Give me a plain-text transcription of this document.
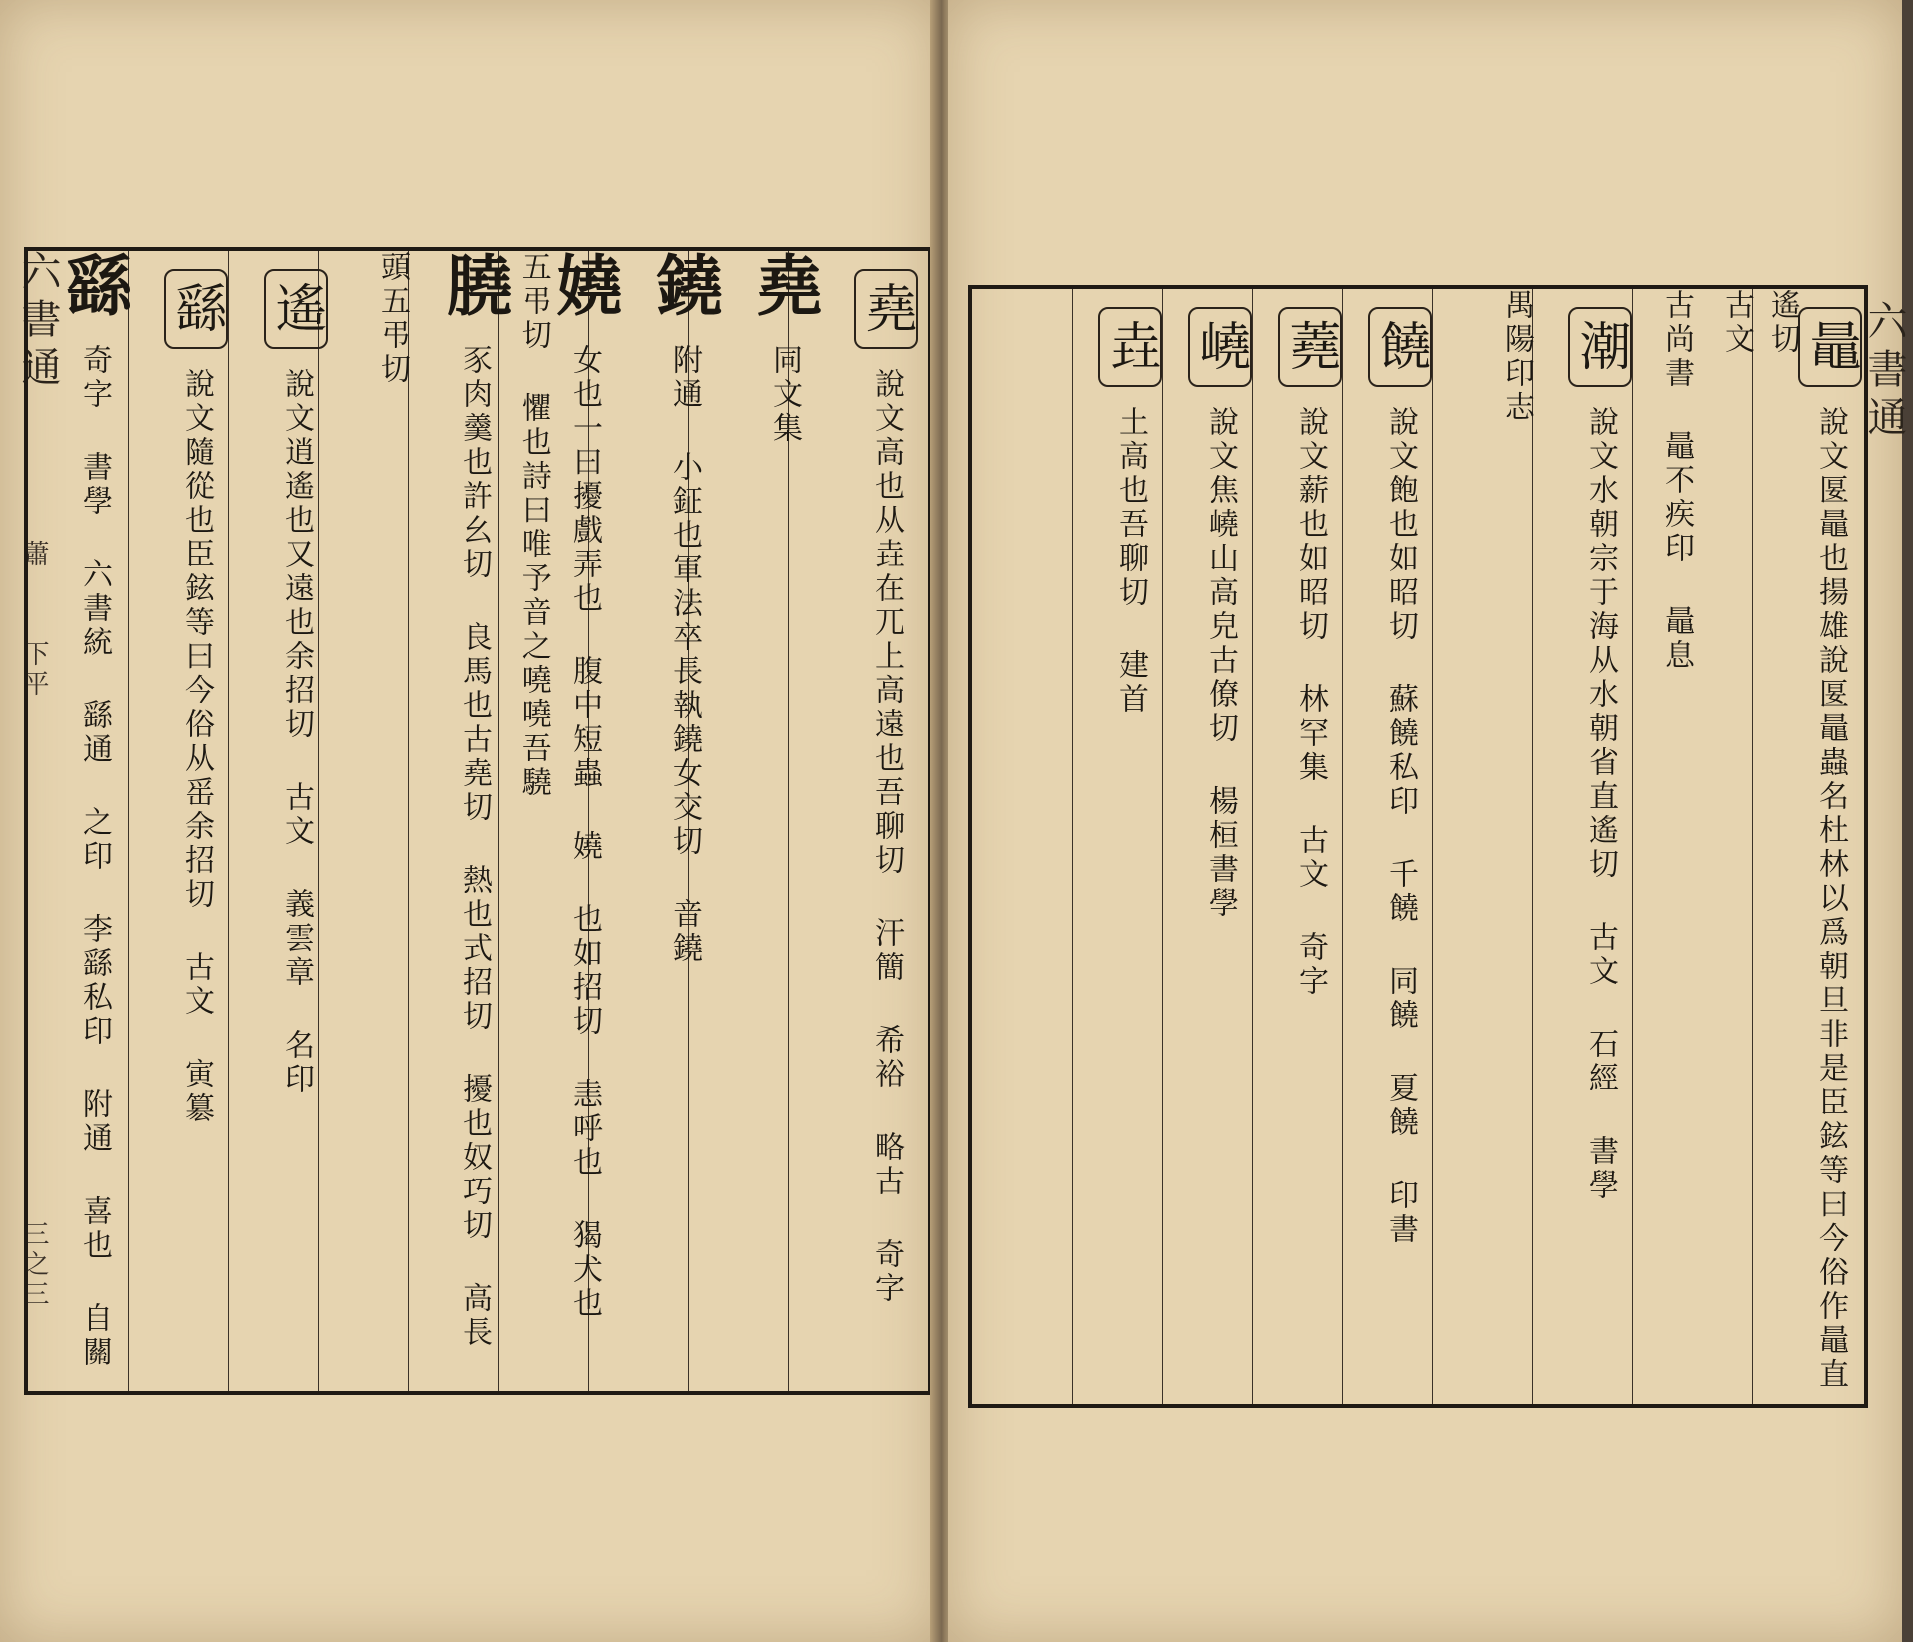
六書通
蕭
下平
三之三
堯 說文高也从垚在兀上高遠也吾聊切 汗簡 希裕 略古 奇字
堯 同文集
鐃 附通 小鉦也軍法卒長執鐃女交切 音鐃
嬈 女也一曰擾戲弄也 腹中短蟲 嬈 也如招切 恚呼也 猲犬也 五弔切 懼也詩曰唯予音之嘵嘵吾驍
膮 豕肉羹也許幺切 良馬也古堯切 熱也式招切 擾也奴巧切 高長
頭五弔切
遙 說文逍遙也又遠也余招切 古文 義雲章 名印
繇 說文隨從也臣鉉等曰今俗从䍃余招切 古文 寅簒
繇 奇字 書學 六書統 繇通 之印 李繇私印 附通 喜也 自關	六書通
鼂 說文匽鼂也揚雄說匽鼂蟲名杜林以爲朝旦非是臣鉉等曰今俗作鼂直遙切
古文
古尚書 鼂不疾印 鼂息
潮 說文水朝宗于海从水朝省直遙切 古文 石經 書學
禺陽印志
饒 說文飽也如昭切 蘇饒私印 千饒 同饒 夏饒 印書
蕘 說文薪也如昭切 林罕集 古文 奇字
嶢 說文焦嶢山高皃古僚切 楊桓書學
垚 土高也吾聊切 建首
